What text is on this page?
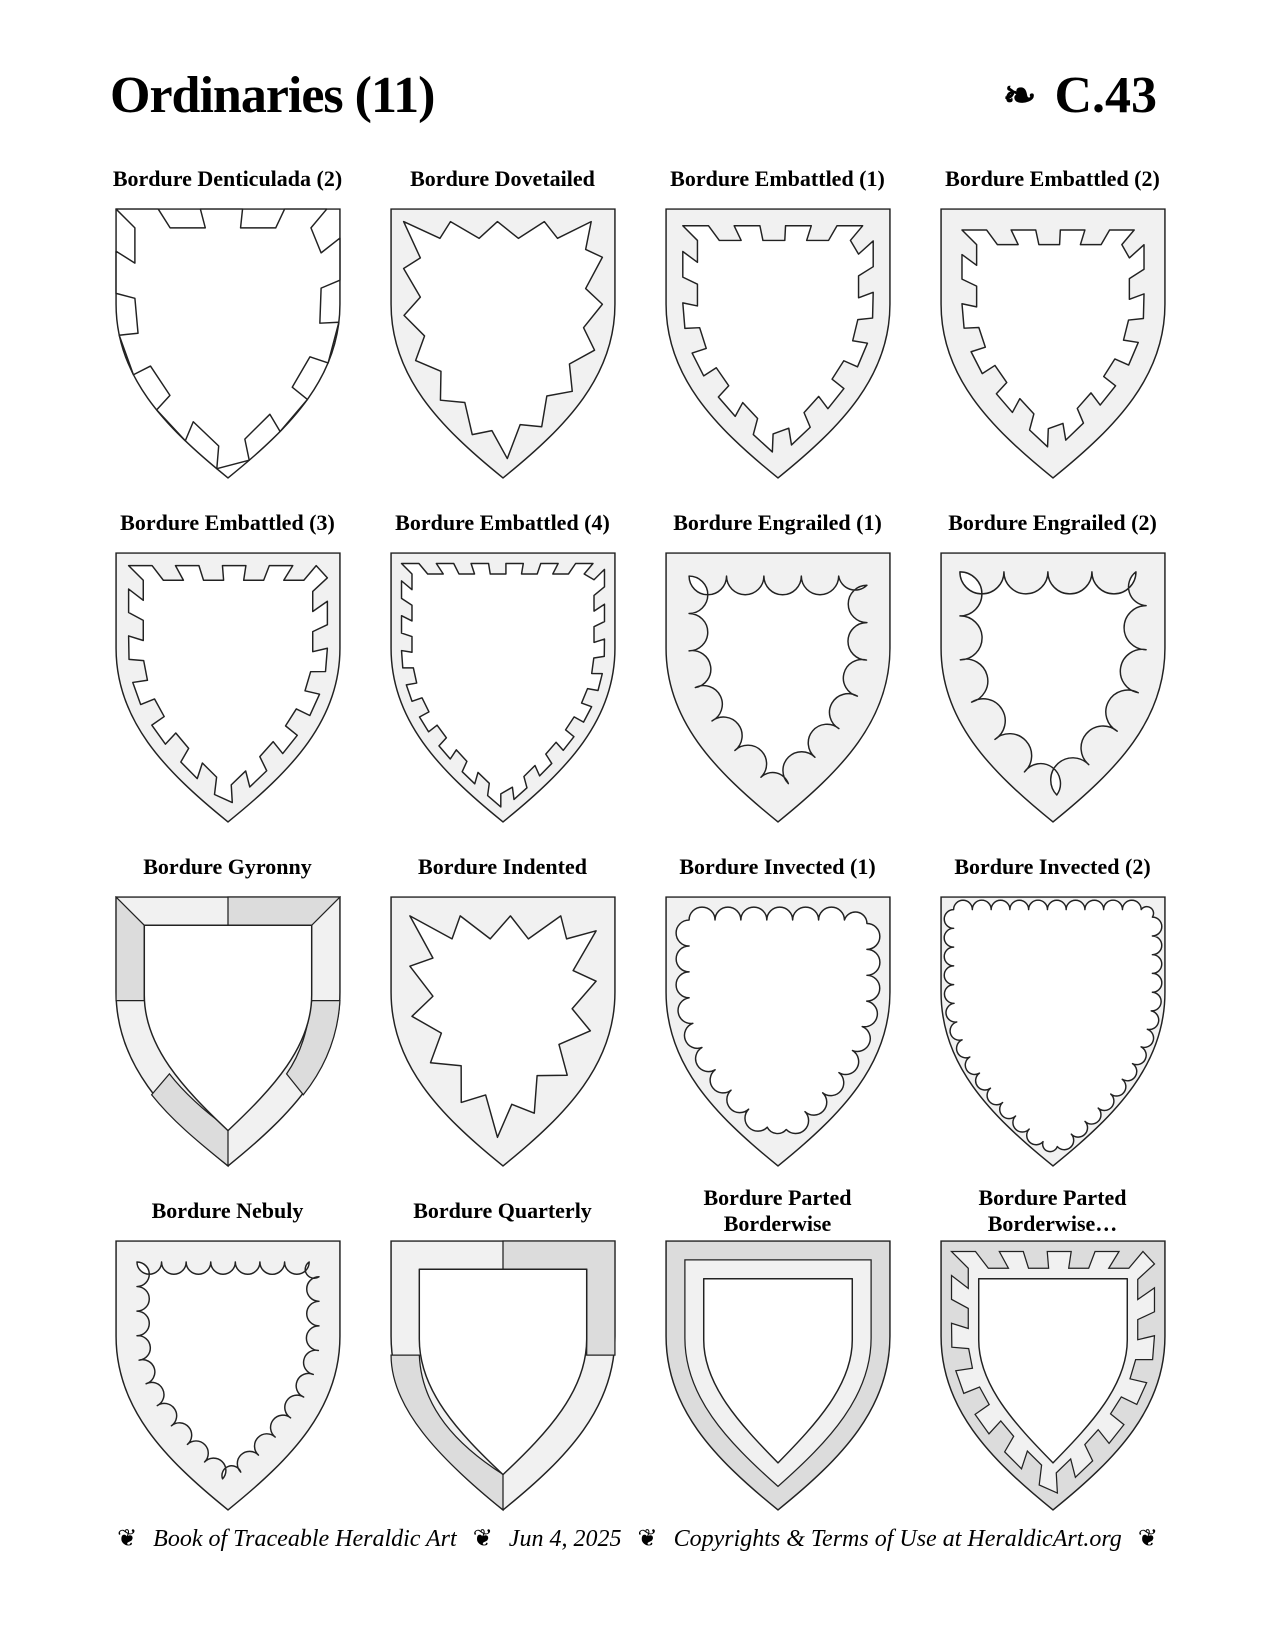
Ordinaries (11)	❧ C.43
Bordure Denticulada (2)	Bordure Dovetailed	Bordure Embattled (1)	Bordure Embattled (2)
Bordure Embattled (3)	Bordure Embattled (4)	Bordure Engrailed (1)	Bordure Engrailed (2)
Bordure Gyronny	Bordure Indented	Bordure Invected (1)	Bordure Invected (2)
Bordure Nebuly	Bordure Quarterly
Bordure Parted Borderwise
Bordure Parted Borderwise…
❦ Book of Traceable Heraldic Art ❦ Jun 4, 2025 ❦ Copyrights & Terms of Use at HeraldicArt.org ❦
